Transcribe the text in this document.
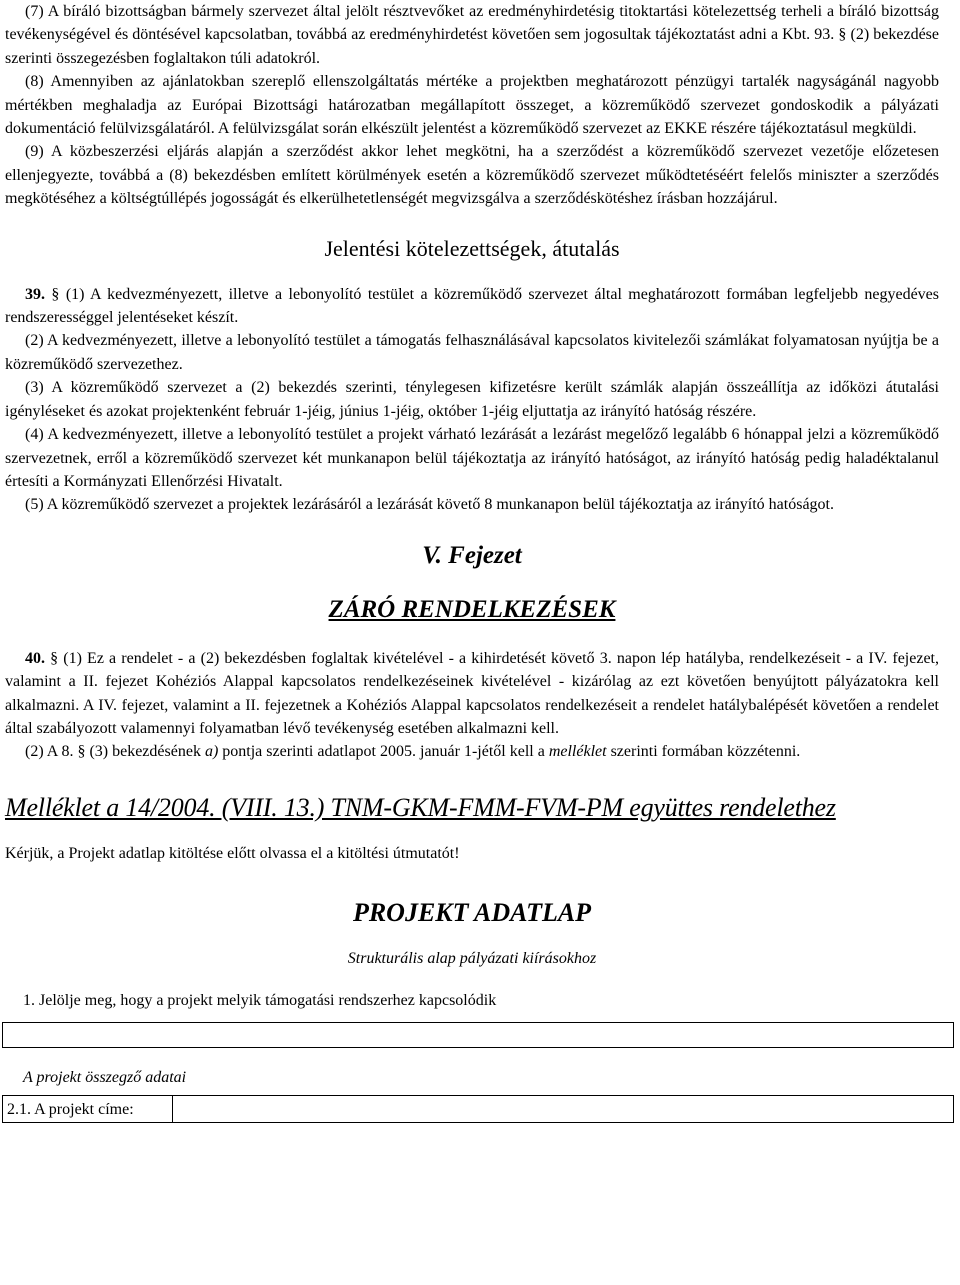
(7) A bíráló bizottságban bármely szervezet által jelölt résztvevőket az eredményhirdetésig titoktartási kötelezettség terheli a bíráló bizottság tevékenységével és döntésével kapcsolatban, továbbá az eredményhirdetést követően sem jogosultak tájékoztatást adni a Kbt. 93. § (2) bekezdése szerinti összegezésben foglaltakon túli adatokról.

(8) Amennyiben az ajánlatokban szereplő ellenszolgáltatás mértéke a projektben meghatározott pénzügyi tartalék nagyságánál nagyobb mértékben meghaladja az Európai Bizottsági határozatban megállapított összeget, a közreműködő szervezet gondoskodik a pályázati dokumentáció felülvizsgálatáról. A felülvizsgálat során elkészült jelentést a közreműködő szervezet az EKKE részére tájékoztatásul megküldi.

(9) A közbeszerzési eljárás alapján a szerződést akkor lehet megkötni, ha a szerződést a közreműködő szervezet vezetője előzetesen ellenjegyezte, továbbá a (8) bekezdésben említett körülmények esetén a közreműködő szervezet működtetéséért felelős miniszter a szerződés megkötéséhez a költségtúllépés jogosságát és elkerülhetetlenségét megvizsgálva a szerződéskötéshez írásban hozzájárul.

Jelentési kötelezettségek, átutalás

39. § (1) A kedvezményezett, illetve a lebonyolító testület a közreműködő szervezet által meghatározott formában legfeljebb negyedéves rendszerességgel jelentéseket készít.

(2) A kedvezményezett, illetve a lebonyolító testület a támogatás felhasználásával kapcsolatos kivitelezői számlákat folyamatosan nyújtja be a közreműködő szervezethez.

(3) A közreműködő szervezet a (2) bekezdés szerinti, ténylegesen kifizetésre került számlák alapján összeállítja az időközi átutalási igényléseket és azokat projektenként február 1-jéig, június 1-jéig, október 1-jéig eljuttatja az irányító hatóság részére.

(4) A kedvezményezett, illetve a lebonyolító testület a projekt várható lezárását a lezárást megelőző legalább 6 hónappal jelzi a közreműködő szervezetnek, erről a közreműködő szervezet két munkanapon belül tájékoztatja az irányító hatóságot, az irányító hatóság pedig haladéktalanul értesíti a Kormányzati Ellenőrzési Hivatalt.

(5) A közreműködő szervezet a projektek lezárásáról a lezárását követő 8 munkanapon belül tájékoztatja az irányító hatóságot.

V. Fejezet
ZÁRÓ RENDELKEZÉSEK

40. § (1) Ez a rendelet - a (2) bekezdésben foglaltak kivételével - a kihirdetését követő 3. napon lép hatályba, rendelkezéseit - a IV. fejezet, valamint a II. fejezet Kohéziós Alappal kapcsolatos rendelkezéseinek kivételével - kizárólag az ezt követően benyújtott pályázatokra kell alkalmazni. A IV. fejezet, valamint a II. fejezetnek a Kohéziós Alappal kapcsolatos rendelkezéseit a rendelet hatálybalépését követően a rendelet által szabályozott valamennyi folyamatban lévő tevékenység esetében alkalmazni kell.

(2) A 8. § (3) bekezdésének a) pontja szerinti adatlapot 2005. január 1-jétől kell a melléklet szerinti formában közzétenni.

Melléklet a 14/2004. (VIII. 13.) TNM-GKM-FMM-FVM-PM együttes rendelethez

Kérjük, a Projekt adatlap kitöltése előtt olvassa el a kitöltési útmutatót!

PROJEKT ADATLAP
Strukturális alap pályázati kiírásokhoz

1. Jelölje meg, hogy a projekt melyik támogatási rendszerhez kapcsolódik

A projekt összegző adatai

2.1. A projekt címe:
